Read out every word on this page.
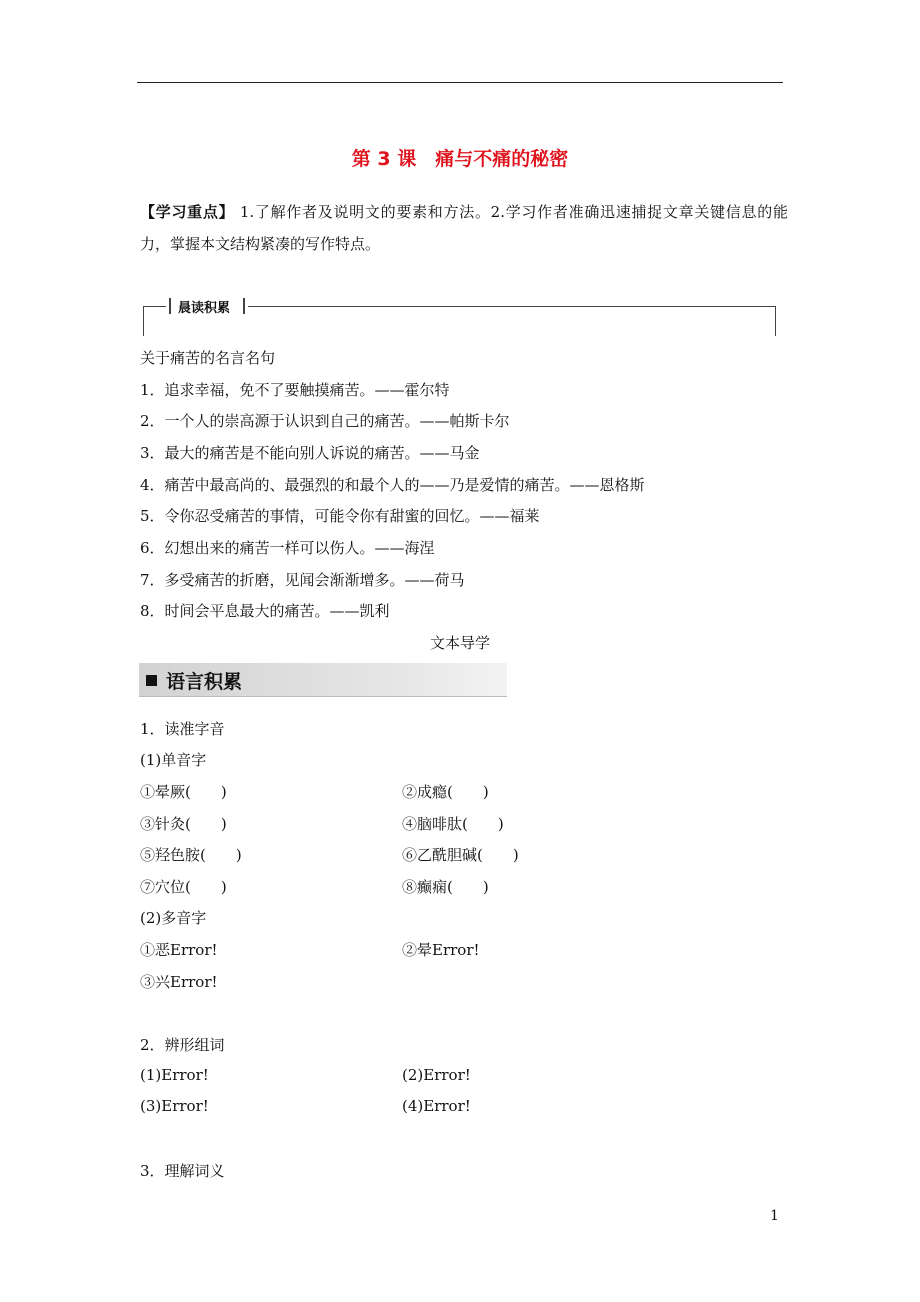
第 3 课　痛与不痛的秘密
【学习重点】 1.了解作者及说明文的要素和方法。2.学习作者准确迅速捕捉文章关键信息的能力，掌握本文结构紧凑的写作特点。
晨读积累
关于痛苦的名言名句
1．追求幸福，免不了要触摸痛苦。——霍尔特
2．一个人的崇高源于认识到自己的痛苦。——帕斯卡尔
3．最大的痛苦是不能向别人诉说的痛苦。——马金
4．痛苦中最高尚的、最强烈的和最个人的——乃是爱情的痛苦。——恩格斯
5．令你忍受痛苦的事情，可能令你有甜蜜的回忆。——福莱
6．幻想出来的痛苦一样可以伤人。——海涅
7．多受痛苦的折磨，见闻会渐渐增多。——荷马
8．时间会平息最大的痛苦。——凯利
文本导学
语言积累
1．读准字音
(1)单音字
①晕厥(　　)	②成瘾(　　)
③针灸(　　)	④脑啡肽(　　)
⑤羟色胺(　　)	⑥乙酰胆碱(　　)
⑦穴位(　　)	⑧癫痫(　　)
(2)多音字
①恶Error!	②晕Error!
③兴Error!
2．辨形组词
(1)Error!	(2)Error!
(3)Error!	(4)Error!
3．理解词义
1
